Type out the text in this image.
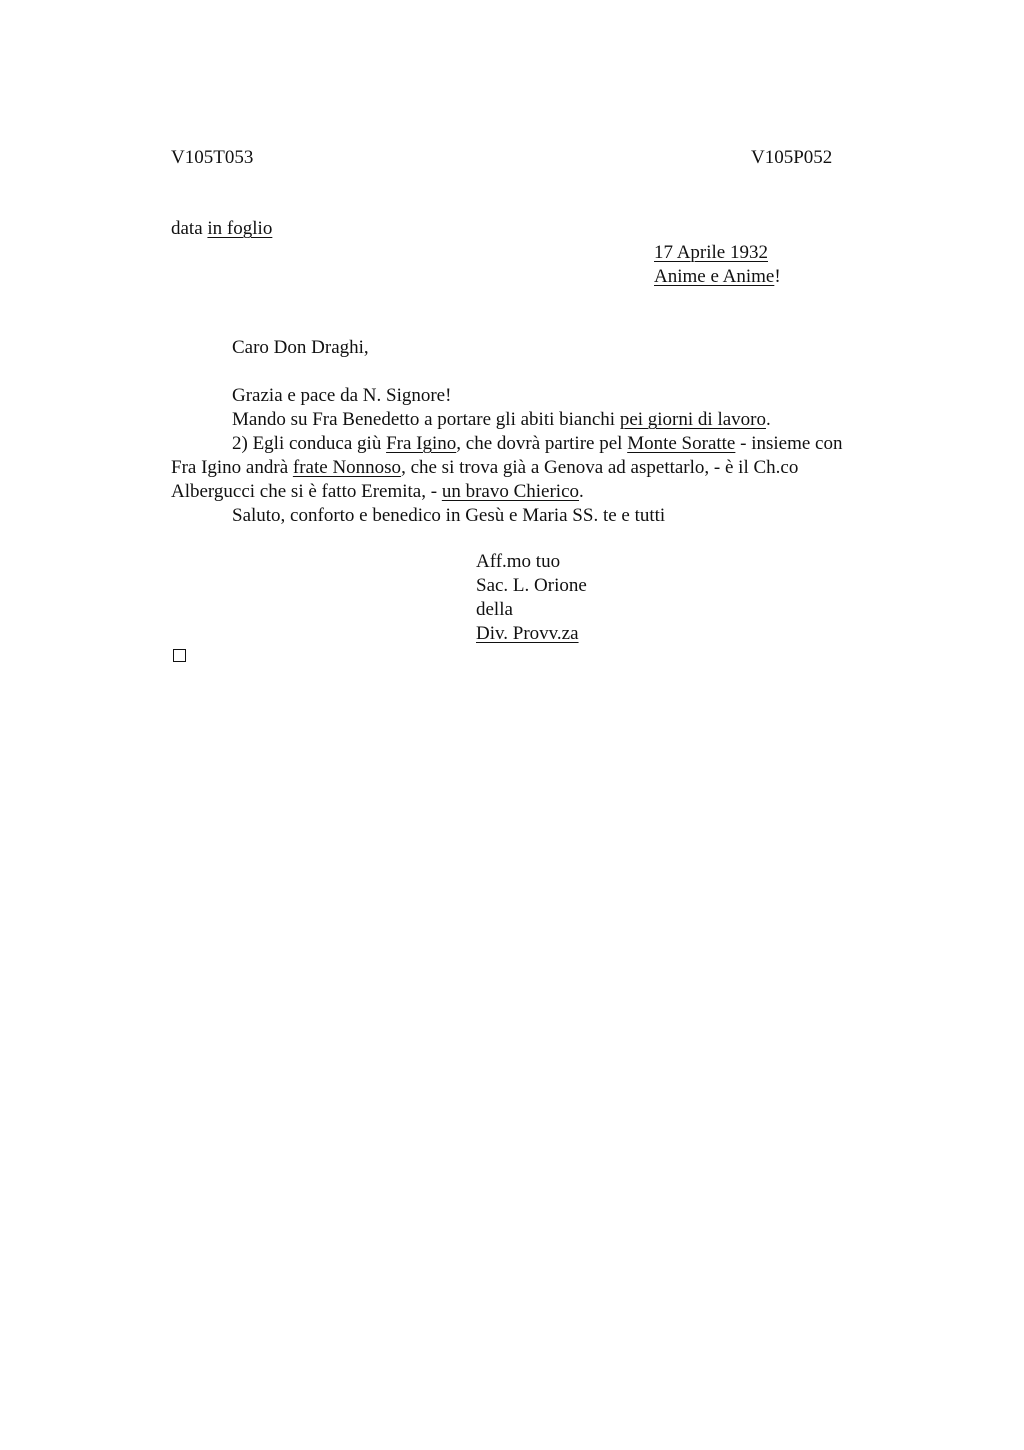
V105T053	V105P052
data in foglio
17 Aprile 1932
Anime e Anime!
Caro Don Draghi,

Grazia e pace da N. Signore!

Mando su Fra Benedetto a portare gli abiti bianchi pei giorni di lavoro.

2) Egli conduca giù Fra Igino, che dovrà partire pel Monte Soratte - insieme con

Fra Igino andrà frate Nonnoso, che si trova già a Genova ad aspettarlo, - è il Ch.co

Albergucci che si è fatto Eremita, - un bravo Chierico.

Saluto, conforto e benedico in Gesù e Maria SS. te e tutti

Aff.mo tuo
Sac. L. Orione
della
Div. Provv.za
